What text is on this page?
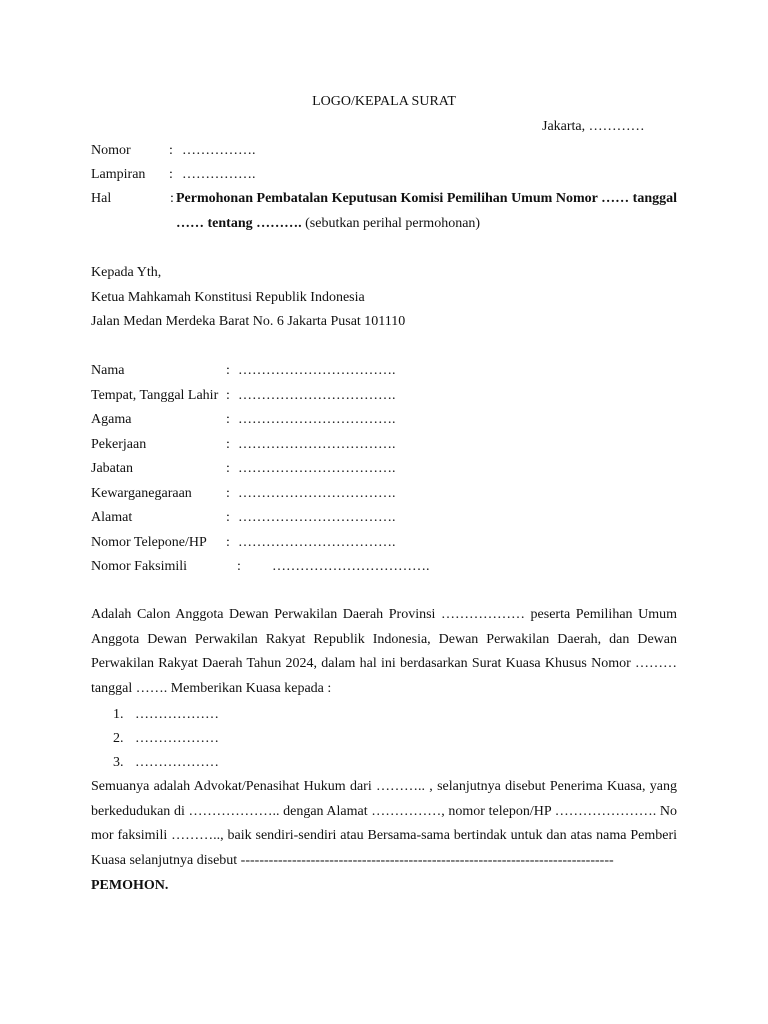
LOGO/KEPALA SURAT
Jakarta, …………
Nomor	: …………….
Lampiran : …………….
Hal	: Permohonan Pembatalan Keputusan Komisi Pemilihan Umum Nomor …… tanggal
…… tentang ………. (sebutkan perihal permohonan)
Kepada Yth,
Ketua Mahkamah Konstitusi Republik Indonesia
Jalan Medan Merdeka Barat No. 6 Jakarta Pusat 101110
Nama	: …………………………….
Tempat, Tanggal Lahir : …………………………….
Agama	: …………………………….
Pekerjaan	: …………………………….
Jabatan	: …………………………….
Kewarganegaraan : …………………………….
Alamat	: …………………………….
Nomor Telepone/HP : …………………………….
Nomor Faksimili	: …………………………….
Adalah Calon Anggota Dewan Perwakilan Daerah Provinsi ……………… peserta Pemilihan Umum Anggota Dewan Perwakilan Rakyat Republik Indonesia, Dewan Perwakilan Daerah, dan Dewan Perwakilan Rakyat Daerah Tahun 2024, dalam hal ini berdasarkan Surat Kuasa Khusus Nomor ……… tanggal ……. Memberikan Kuasa kepada :
1. ………………
2. ………………
3. ………………
Semuanya adalah Advokat/Penasihat Hukum dari ……….. , selanjutnya disebut Penerima Kuasa, yang berkedudukan di ……………….. dengan Alamat ……………, nomor telepon/HP …………………. Nomor faksimili ……….., baik sendiri-sendiri atau Bersama-sama bertindak untuk dan atas nama Pemberi Kuasa selanjutnya disebut --------------------------------------------------------------------------------
PEMOHON.
